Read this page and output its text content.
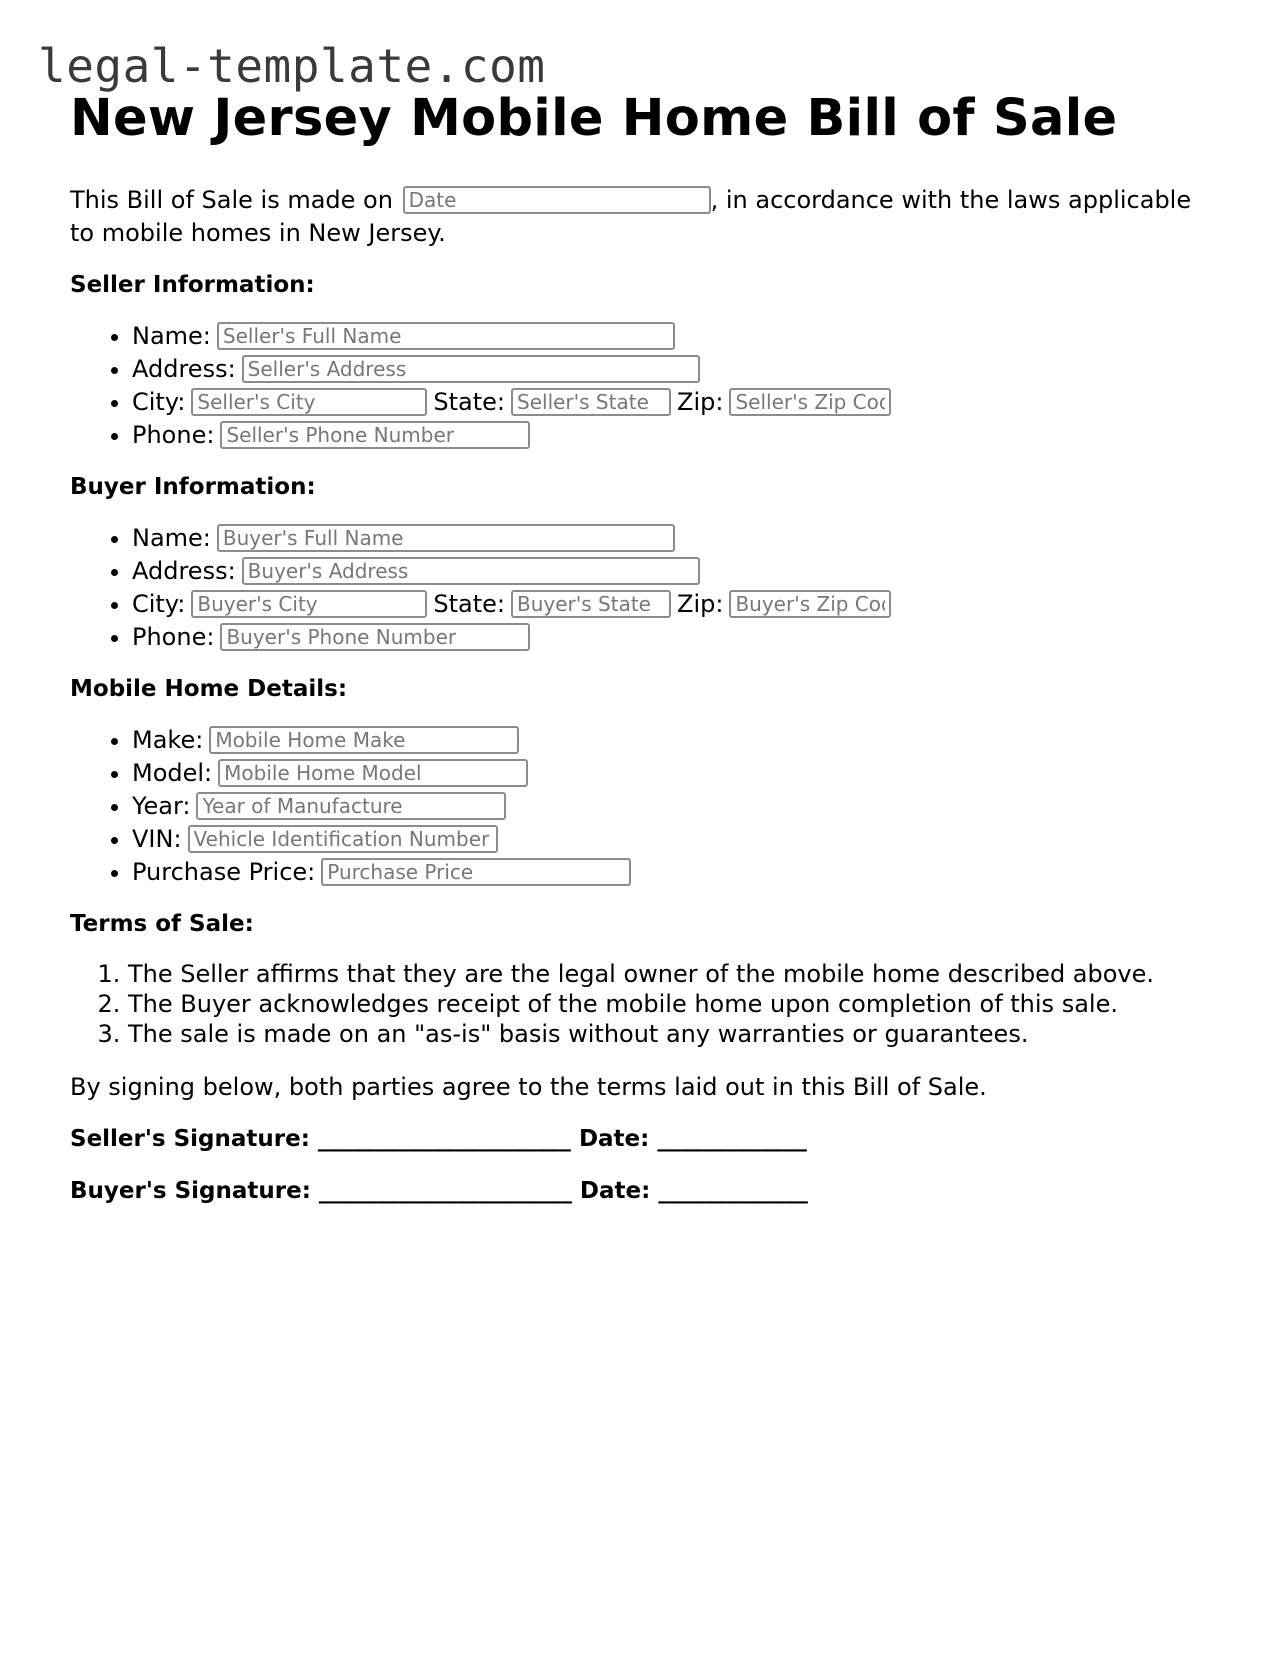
legal-template.com
New Jersey Mobile Home Bill of Sale

This Bill of Sale is made on Date	, in accordance with the laws applicable to mobile homes in New Jersey.

Seller Information:
• Name:Seller's Full Name
• Address:Seller's Address
• City:Seller's City	State:Seller's State	Zip:Seller's Zip Code
• Phone:Seller's Phone Number
Buyer Information:
• Name:Buyer's Full Name
• Address:Buyer's Address
• City:Buyer's City	State:Buyer's State	Zip:Buyer's Zip Code
• Phone:Buyer's Phone Number
Mobile Home Details:
• Make:Mobile Home Make
• Model:Mobile Home Model
• Year:Year of Manufacture
• VIN:Vehicle Identification Number
• Purchase Price:Purchase Price
Terms of Sale:
1. The Seller affirms that they are the legal owner of the mobile home described above.
2. The Buyer acknowledges receipt of the mobile home upon completion of this sale.
3. The sale is made on an "as-is" basis without any warranties or guarantees.

By signing below, both parties agree to the terms laid out in this Bill of Sale.

Seller's Signature: ______________________ Date: _____________

Buyer's Signature: ______________________ Date: _____________
